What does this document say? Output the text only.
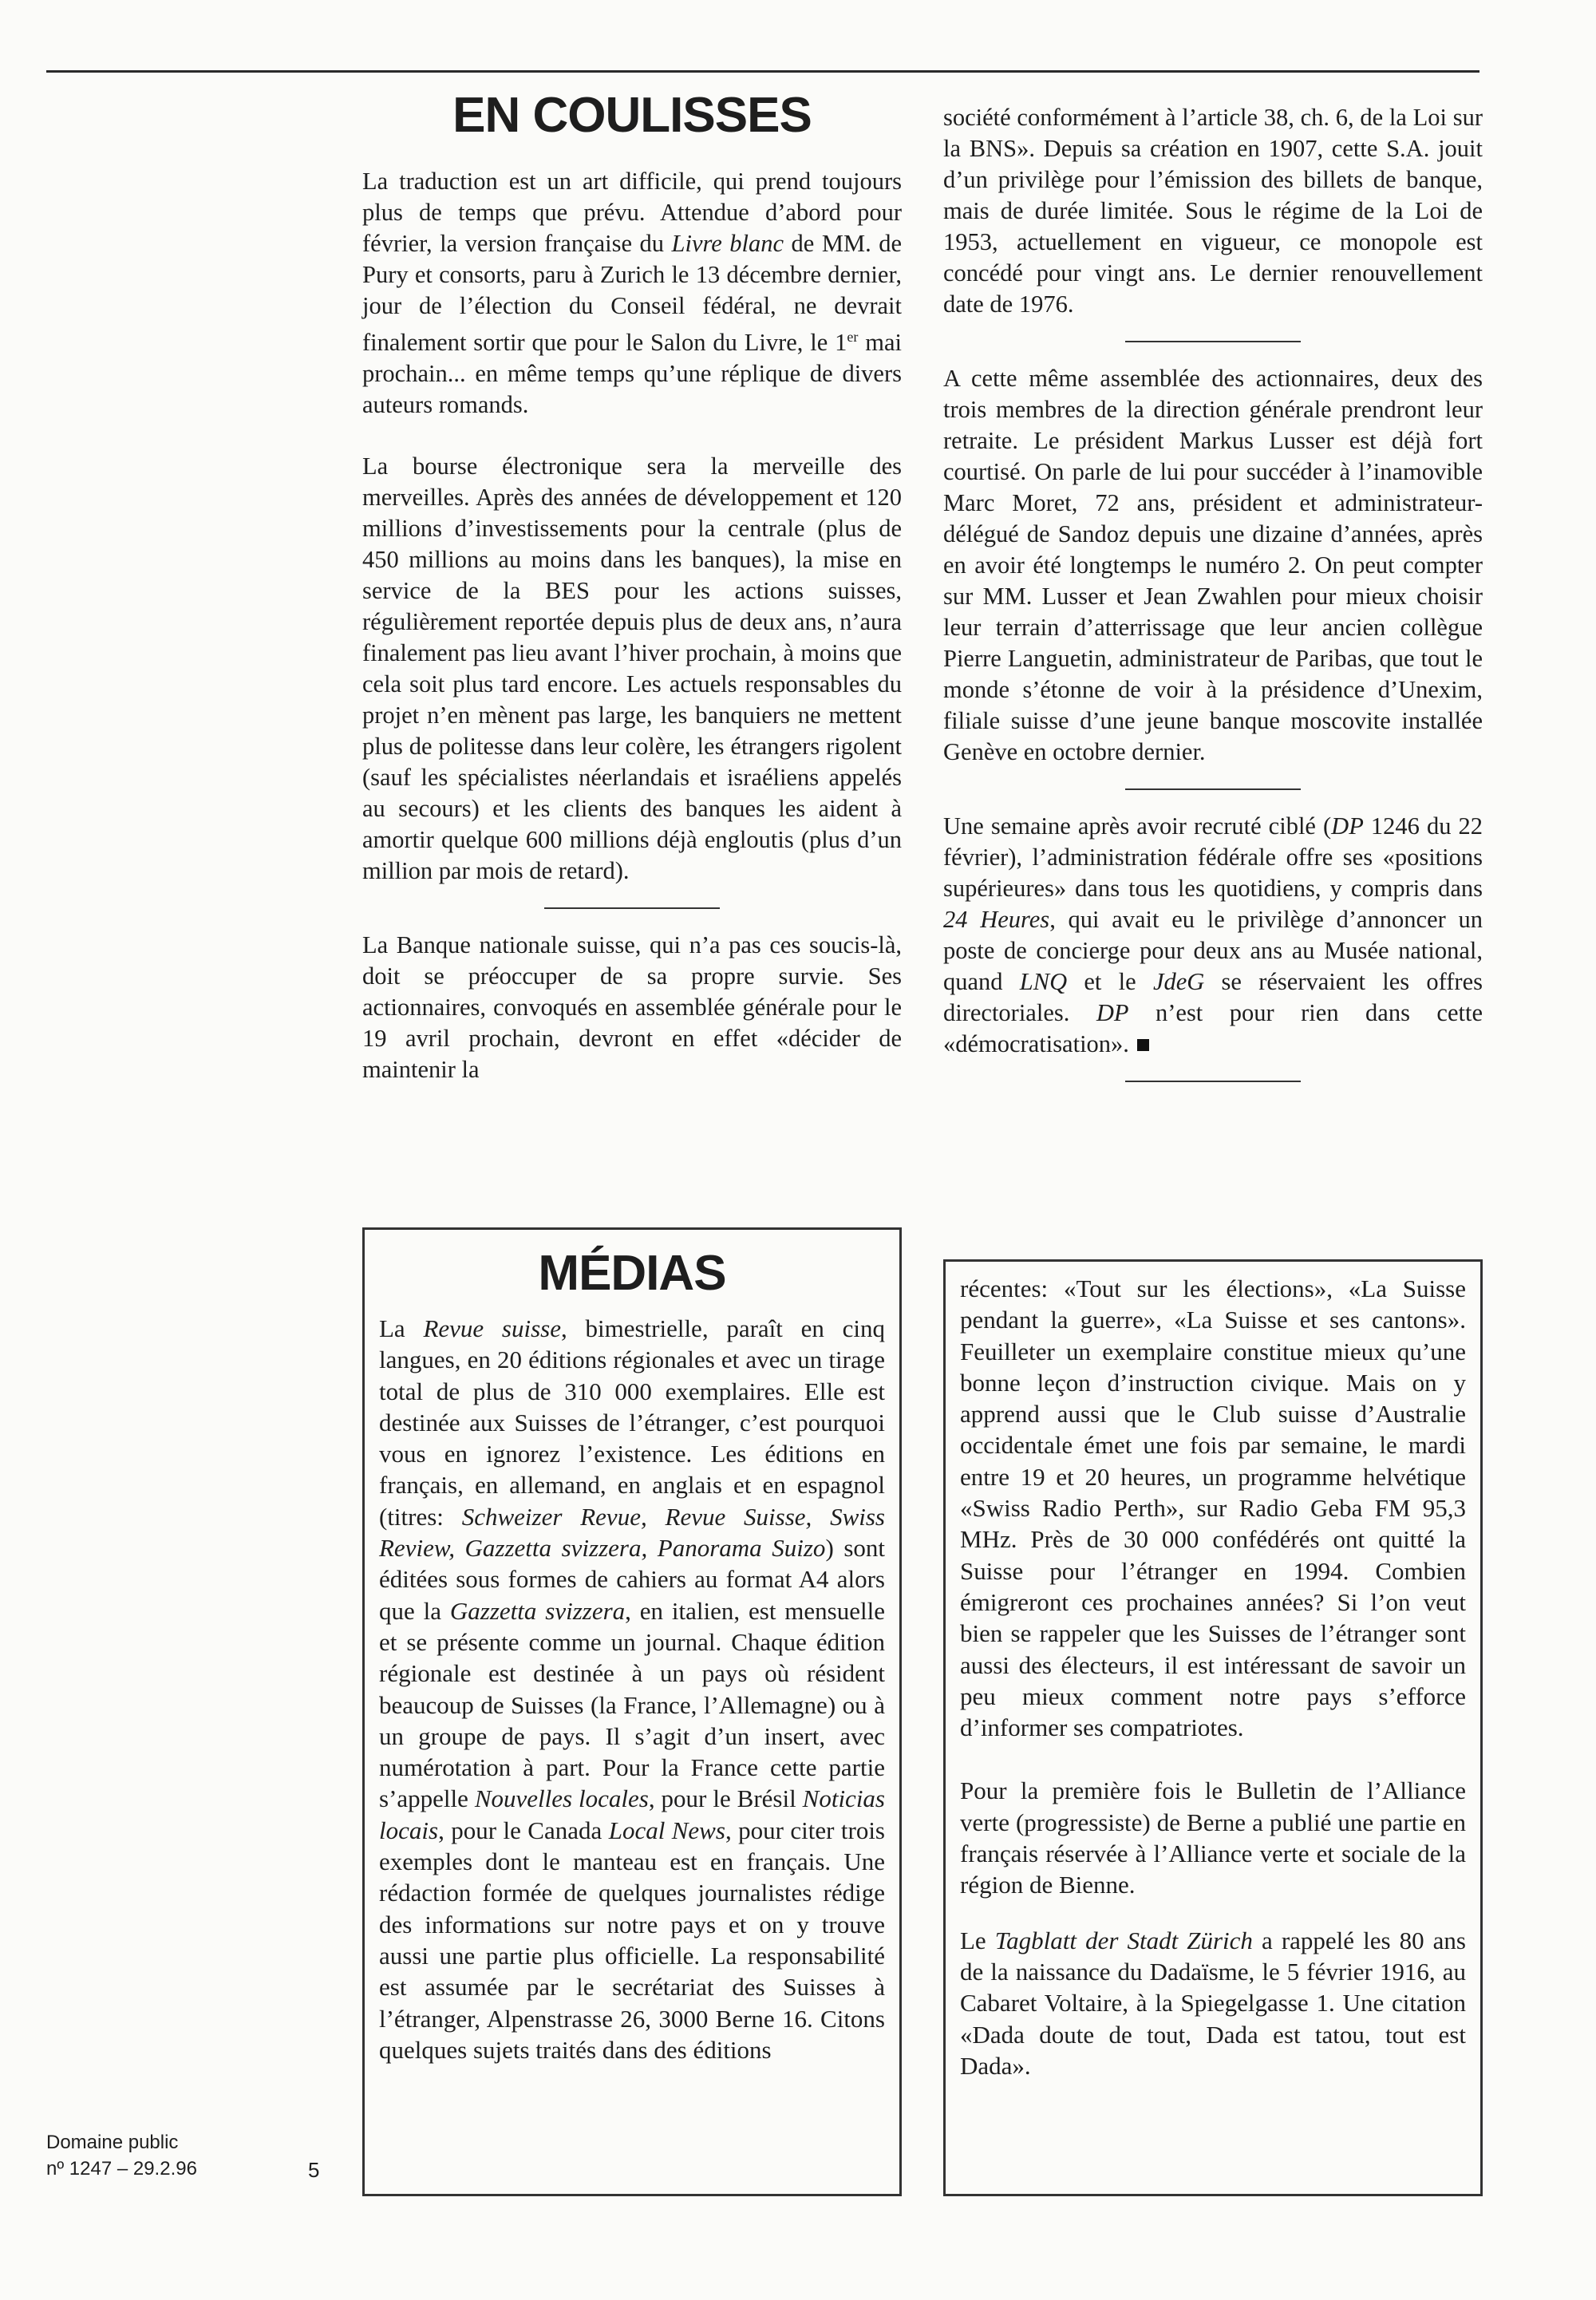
EN COULISSES

La traduction est un art difficile, qui prend toujours plus de temps que prévu. Attendue d’abord pour février, la version française du Livre blanc de MM. de Pury et consorts, paru à Zurich le 13 décembre dernier, jour de l’élection du Conseil fédéral, ne devrait finalement sortir que pour le Salon du Livre, le 1er mai prochain... en même temps qu’une réplique de divers auteurs romands.

La bourse électronique sera la merveille des merveilles. Après des années de développement et 120 millions d’investissements pour la centrale (plus de 450 millions au moins dans les banques), la mise en service de la BES pour les actions suisses, régulièrement reportée depuis plus de deux ans, n’aura finalement pas lieu avant l’hiver prochain, à moins que cela soit plus tard encore. Les actuels responsables du projet n’en mènent pas large, les banquiers ne mettent plus de politesse dans leur colère, les étrangers rigolent (sauf les spécialistes néerlandais et israéliens appelés au secours) et les clients des banques les aident à amortir quelque 600 millions déjà engloutis (plus d’un million par mois de retard).

La Banque nationale suisse, qui n’a pas ces soucis-là, doit se préoccuper de sa propre survie. Ses actionnaires, convoqués en assemblée générale pour le 19 avril prochain, devront en effet «décider de maintenir la

société conformément à l’article 38, ch. 6, de la Loi sur la BNS». Depuis sa création en 1907, cette S.A. jouit d’un privilège pour l’émission des billets de banque, mais de durée limitée. Sous le régime de la Loi de 1953, actuellement en vigueur, ce monopole est concédé pour vingt ans. Le dernier renouvellement date de 1976.

A cette même assemblée des actionnaires, deux des trois membres de la direction générale prendront leur retraite. Le président Markus Lusser est déjà fort courtisé. On parle de lui pour succéder à l’inamovible Marc Moret, 72 ans, président et administrateur-délégué de Sandoz depuis une dizaine d’années, après en avoir été longtemps le numéro 2. On peut compter sur MM. Lusser et Jean Zwahlen pour mieux choisir leur terrain d’atterrissage que leur ancien collègue Pierre Languetin, administrateur de Paribas, que tout le monde s’étonne de voir à la présidence d’Unexim, filiale suisse d’une jeune banque moscovite installée Genève en octobre dernier.

Une semaine après avoir recruté ciblé (DP 1246 du 22 février), l’administration fédérale offre ses «positions supérieures» dans tous les quotidiens, y compris dans 24 Heures, qui avait eu le privilège d’annoncer un poste de concierge pour deux ans au Musée national, quand LNQ et le JdeG se réservaient les offres directoriales. DP n’est pour rien dans cette «démocratisation».

MÉDIAS

La Revue suisse, bimestrielle, paraît en cinq langues, en 20 éditions régionales et avec un tirage total de plus de 310 000 exemplaires. Elle est destinée aux Suisses de l’étranger, c’est pourquoi vous en ignorez l’existence. Les éditions en français, en allemand, en anglais et en espagnol (titres: Schweizer Revue, Revue Suisse, Swiss Review, Gazzetta svizzera, Panorama Suizo) sont éditées sous formes de cahiers au format A4 alors que la Gazzetta svizzera, en italien, est mensuelle et se présente comme un journal. Chaque édition régionale est destinée à un pays où résident beaucoup de Suisses (la France, l’Allemagne) ou à un groupe de pays. Il s’agit d’un insert, avec numérotation à part. Pour la France cette partie s’appelle Nouvelles locales, pour le Brésil Noticias locais, pour le Canada Local News, pour citer trois exemples dont le manteau est en français. Une rédaction formée de quelques journalistes rédige des informations sur notre pays et on y trouve aussi une partie plus officielle. La responsabilité est assumée par le secrétariat des Suisses à l’étranger, Alpenstrasse 26, 3000 Berne 16. Citons quelques sujets traités dans des éditions

récentes: «Tout sur les élections», «La Suisse pendant la guerre», «La Suisse et ses cantons». Feuilleter un exemplaire constitue mieux qu’une bonne leçon d’instruction civique. Mais on y apprend aussi que le Club suisse d’Australie occidentale émet une fois par semaine, le mardi entre 19 et 20 heures, un programme helvétique «Swiss Radio Perth», sur Radio Geba FM 95,3 MHz. Près de 30 000 confédérés ont quitté la Suisse pour l’étranger en 1994. Combien émigreront ces prochaines années? Si l’on veut bien se rappeler que les Suisses de l’étranger sont aussi des électeurs, il est intéressant de savoir un peu mieux comment notre pays s’efforce d’informer ses compatriotes.

Pour la première fois le Bulletin de l’Alliance verte (progressiste) de Berne a publié une partie en français réservée à l’Alliance verte et sociale de la région de Bienne.

Le Tagblatt der Stadt Zürich a rappelé les 80 ans de la naissance du Dadaïsme, le 5 février 1916, au Cabaret Voltaire, à la Spiegelgasse 1. Une citation «Dada doute de tout, Dada est tatou, tout est Dada».

Domaine public
nº 1247 – 29.2.96	5
